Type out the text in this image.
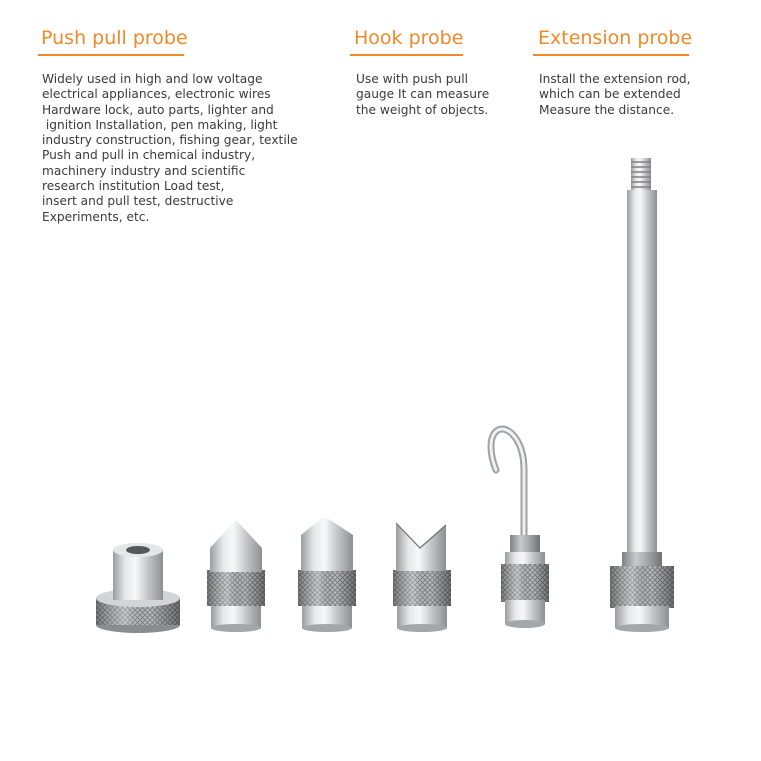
Push pull probe
Widely used in high and low voltage
electrical appliances, electronic wires
Hardware lock, auto parts, lighter and
ignition Installation, pen making, light
industry construction, fishing gear, textile
Push and pull in chemical industry,
machinery industry and scientific
research institution Load test,
insert and pull test, destructive
Experiments, etc.
Hook probe
Use with push pull
gauge It can measure
the weight of objects.
Extension probe
Install the extension rod,
which can be extended
Measure the distance.
